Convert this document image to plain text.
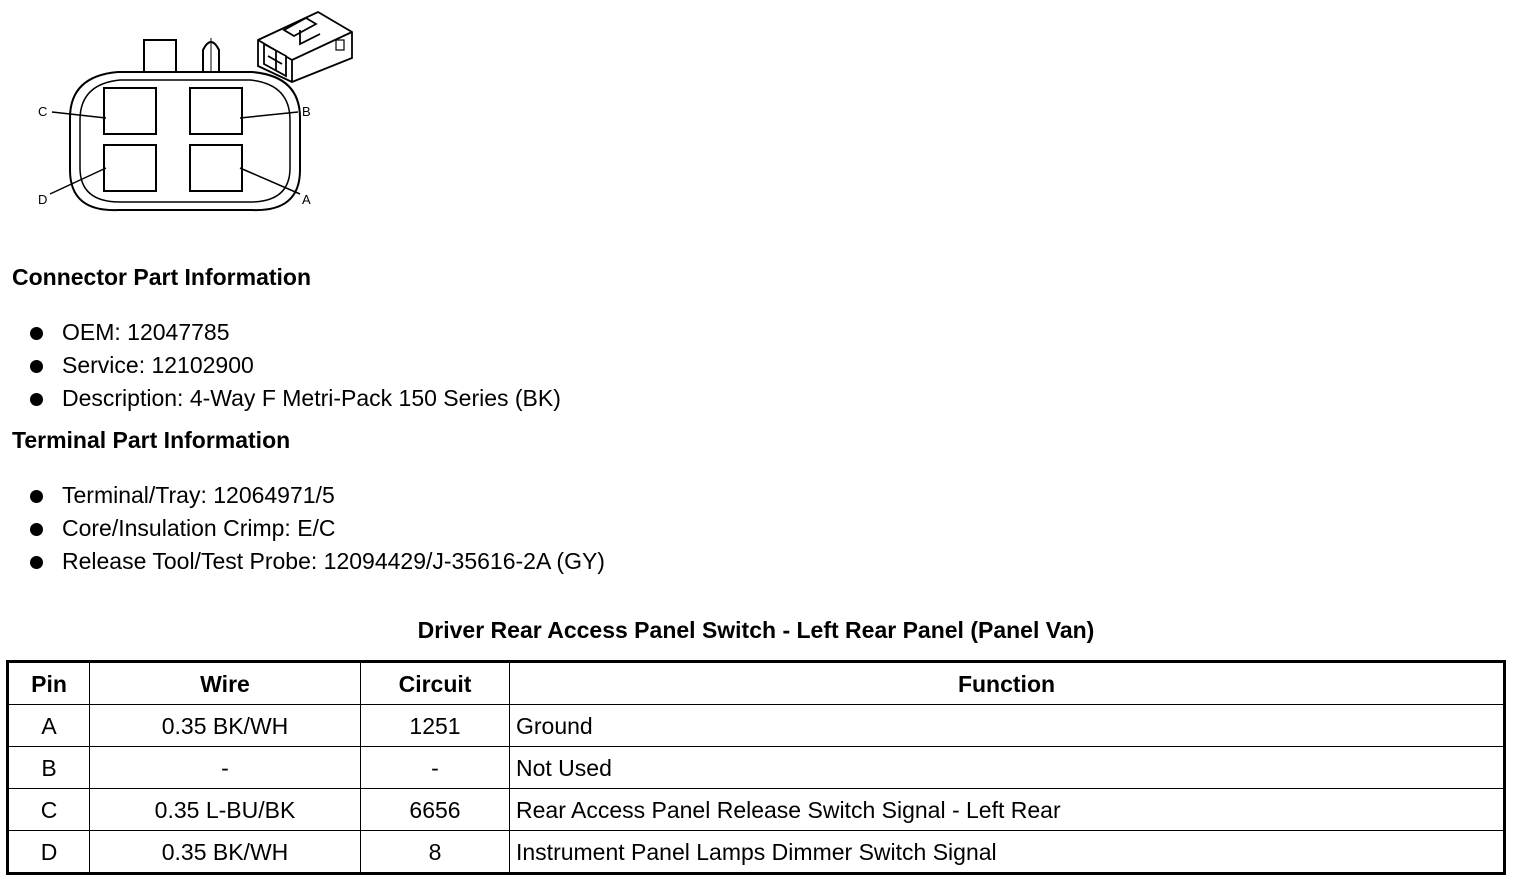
C	B
D	A
Connector Part Information
OEM: 12047785
Service: 12102900
Description: 4-Way F Metri-Pack 150 Series (BK)
Terminal Part Information
Terminal/Tray: 12064971/5
Core/Insulation Crimp: E/C
Release Tool/Test Probe: 12094429/J-35616-2A (GY)
Driver Rear Access Panel Switch - Left Rear Panel (Panel Van)
Pin	Wire	Circuit	Function
A	0.35 BK/WH	1251	Ground
B	-	-	Not Used
C	0.35 L-BU/BK	6656	Rear Access Panel Release Switch Signal - Left Rear
D	0.35 BK/WH	8	Instrument Panel Lamps Dimmer Switch Signal
